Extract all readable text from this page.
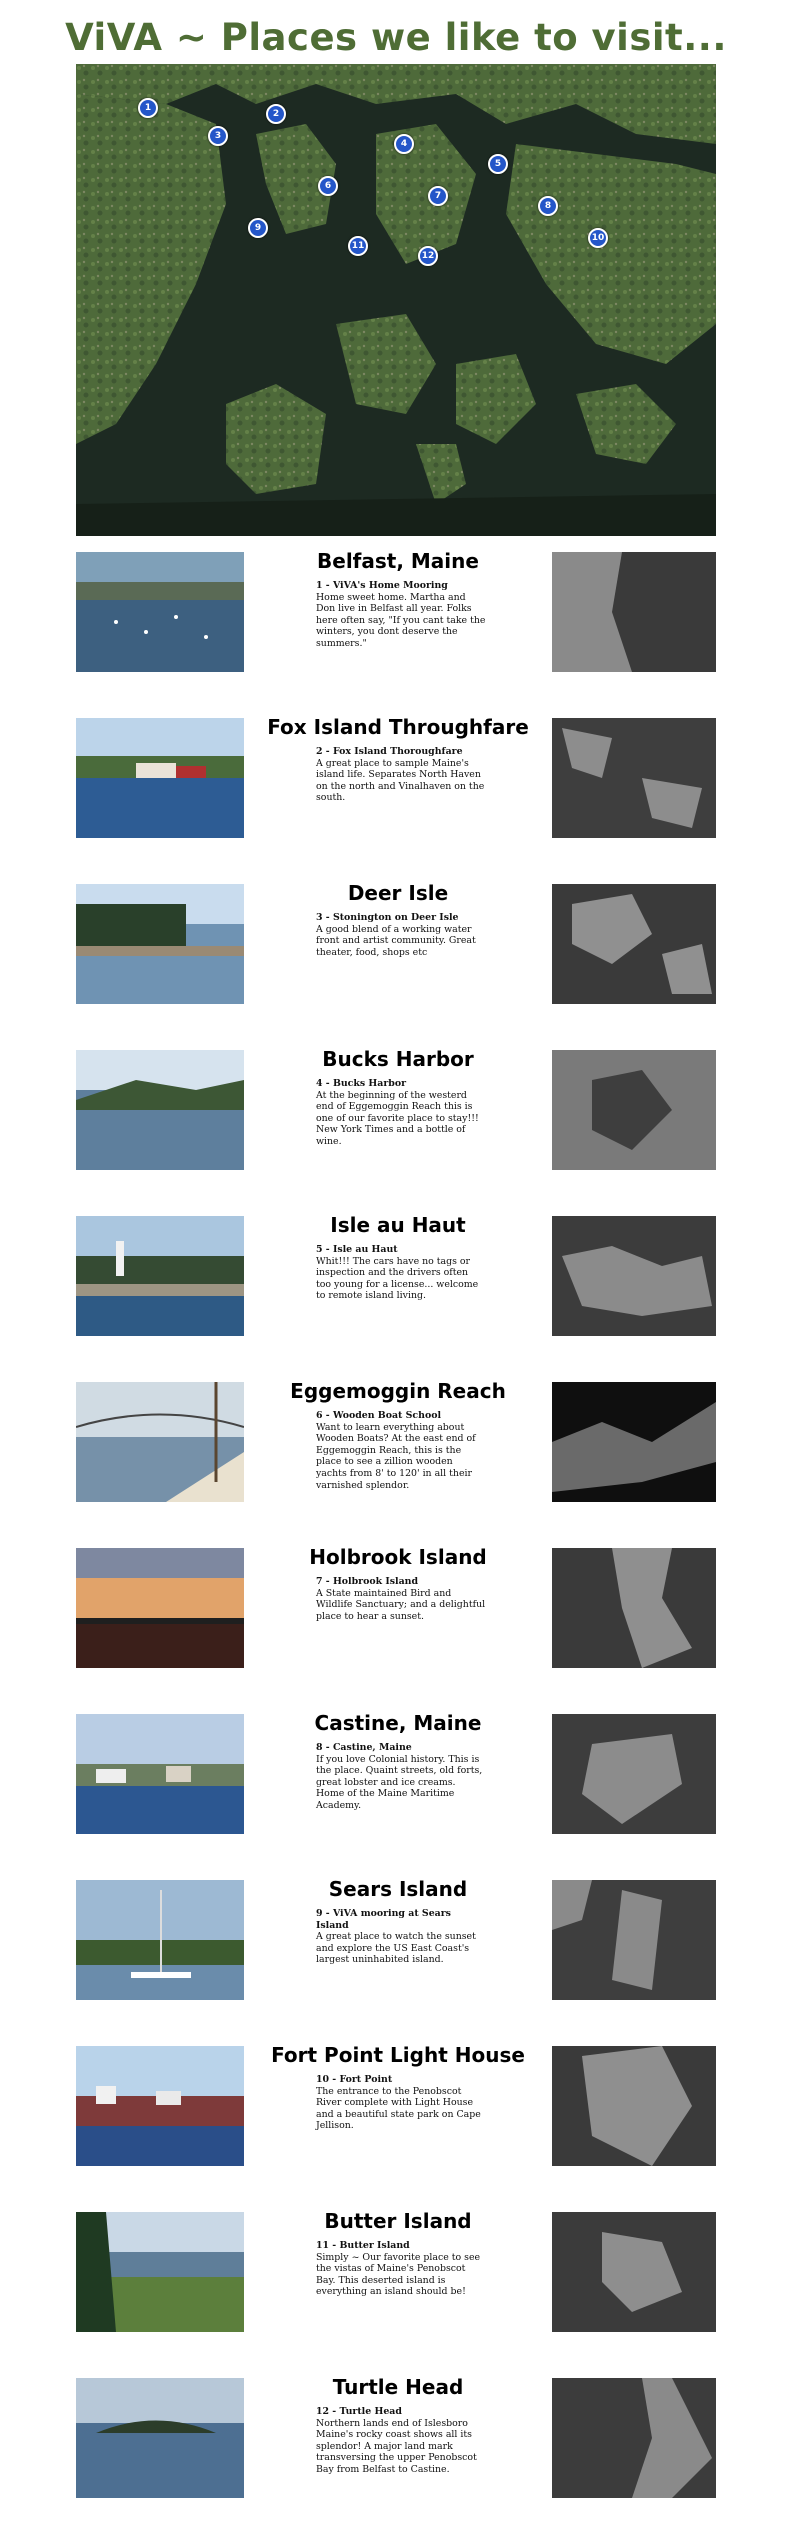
ViVA ~ Places we like to visit...
1
2
3
4
5
6
7
8
9
10
11
12
Belfast, Maine
1 - ViVA's Home Mooring
Home sweet home. Martha and Don live in Belfast all year. Folks here often say, "If you cant take the winters, you dont deserve the summers."
Fox Island Throughfare
2 - Fox Island Thoroughfare
A great place to sample Maine's island life. Separates North Haven on the north and Vinalhaven on the south.
Deer Isle
3 - Stonington on Deer Isle
A good blend of a working water front and artist community. Great theater, food, shops etc
Bucks Harbor
4 - Bucks Harbor
At the beginning of the westerd end of Eggemoggin Reach this is one of our favorite place to stay!!! New York Times and a bottle of wine.
Isle au Haut
5 - Isle au Haut
Whit!!! The cars have no tags or inspection and the drivers often too young for a license... welcome to remote island living.
Eggemoggin Reach
6 - Wooden Boat School
Want to learn everything about Wooden Boats? At the east end of Eggemoggin Reach, this is the place to see a zillion wooden yachts from 8' to 120' in all their varnished splendor.
Holbrook Island
7 - Holbrook Island
A State maintained Bird and Wildlife Sanctuary; and a delightful place to hear a sunset.
Castine, Maine
8 - Castine, Maine
If you love Colonial history. This is the place. Quaint streets, old forts, great lobster and ice creams. Home of the Maine Maritime Academy.
Sears Island
9 - ViVA mooring at Sears Island
A great place to watch the sunset and explore the US East Coast's largest uninhabited island.
Fort Point Light House
10 - Fort Point
The entrance to the Penobscot River complete with Light House and a beautiful state park on Cape Jellison.
Butter Island
11 - Butter Island
Simply ~ Our favorite place to see the vistas of Maine's Penobscot Bay. This deserted island is everything an island should be!
Turtle Head
12 - Turtle Head
Northern lands end of Islesboro Maine's rocky coast shows all its splendor! A major land mark transversing the upper Penobscot Bay from Belfast to Castine.
